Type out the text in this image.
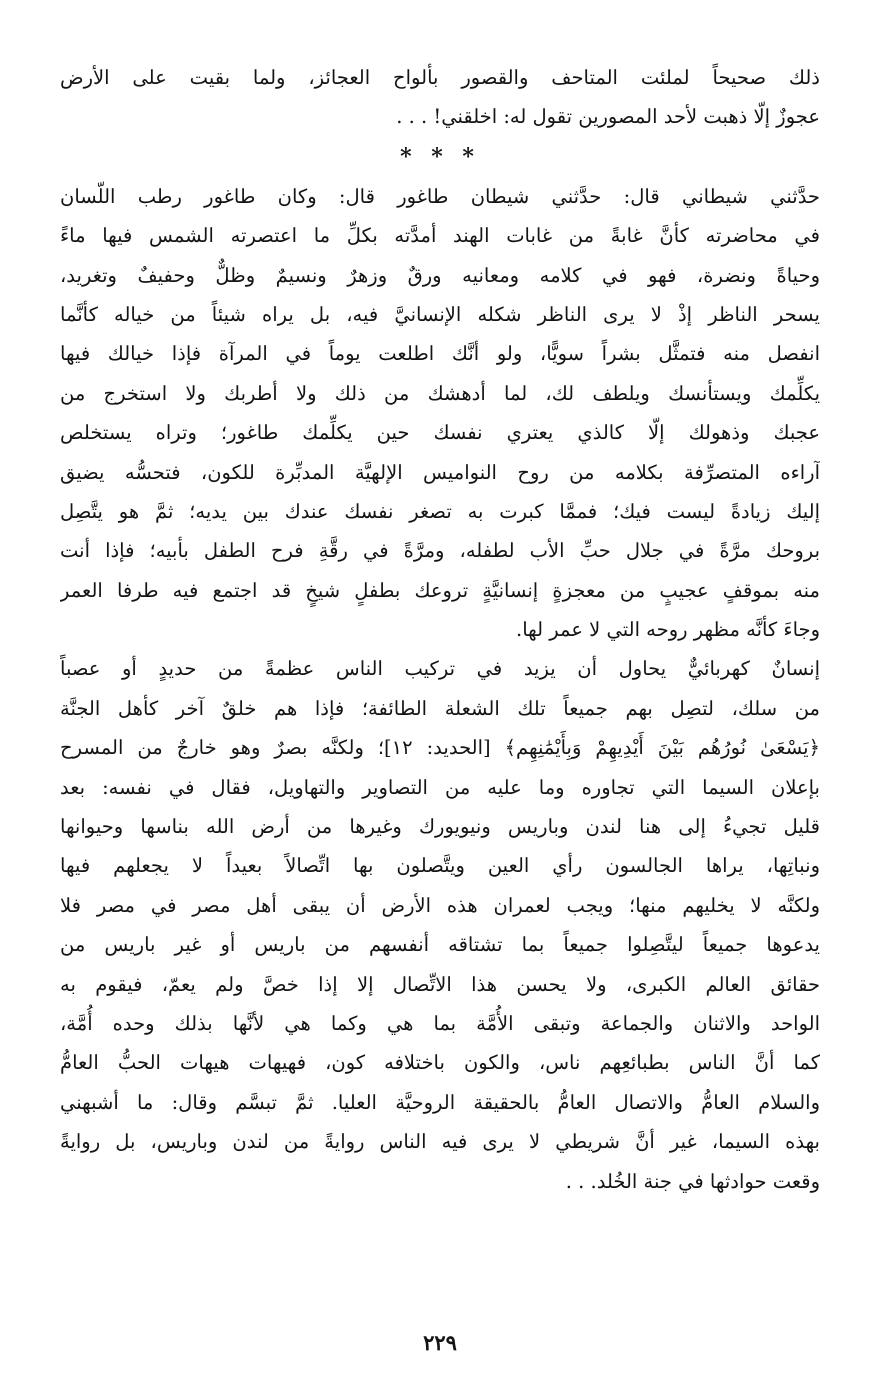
ذلك صحيحاً لملئت المتاحف والقصور بألواح العجائز، ولما بقيت على الأرض
عجوزٌ إلّا ذهبت لأحد المصورين تقول له: اخلقني! . . .
* * *
حدَّثني شيطاني قال: حدَّثني شيطان طاغور قال: وكان طاغور رطب اللّسان
في محاضرته كأنَّ غابةً من غابات الهند أمدَّته بكلِّ ما اعتصرته الشمس فيها ماءً
وحياةً ونضرة، فهو في كلامه ومعانيه ورقٌ وزهرٌ ونسيمٌ وظلٌّ وحفيفٌ وتغريد،
يسحر الناظر إذْ لا يرى الناظر شكله الإنسانيَّ فيه، بل يراه شيئاً من خياله كأنَّما
انفصل منه فتمثَّل بشراً سويًّا، ولو أنَّك اطلعت يوماً في المرآة فإذا خيالك فيها
يكلِّمك ويستأنسك ويلطف لك، لما أدهشك من ذلك ولا أطربك ولا استخرج من
عجبك وذهولك إلّا كالذي يعتري نفسك حين يكلِّمك طاغور؛ وتراه يستخلص
آراءه المتصرِّفة بكلامه من روح النواميس الإلهيَّة المدبِّرة للكون، فتحسُّه يضيق
إليك زيادةً ليست فيك؛ فممَّا كبرت به تصغر نفسك عندك بين يديه؛ ثمَّ هو يتَّصِل
بروحك مرَّةً في جلال حبِّ الأب لطفله، ومرَّةً في رقَّةِ فرح الطفل بأبيه؛ فإذا أنت
منه بموقفٍ عجيبٍ من معجزةٍ إنسانيَّةٍ تروعك بطفلٍ شيخٍ قد اجتمع فيه طرفا العمر
وجاءَ كأنَّه مظهر روحه التي لا عمر لها.
إنسانٌ كهربائيٌّ يحاول أن يزيد في تركيب الناس عظمةً من حديدٍ أو عصباً
من سلك، لتصِل بهم جميعاً تلك الشعلة الطائفة؛ فإذا هم خلقٌ آخر كأهل الجنَّة
﴿يَسْعَىٰ نُورُهُم بَيْنَ أَيْدِيهِمْ وَبِأَيْمَٰنِهِم﴾ [الحديد: ١٢]؛ ولكنَّه بصرٌ وهو خارجٌ من المسرح
بإعلان السيما التي تجاوره وما عليه من التصاوير والتهاويل، فقال في نفسه: بعد
قليل تجيءُ إلى هنا لندن وباريس ونيويورك وغيرها من أرض الله بناسها وحيوانها
ونباتِها، يراها الجالسون رأي العين ويتَّصلون بها اتِّصالاً بعيداً لا يجعلهم فيها
ولكنَّه لا يخليهم منها؛ ويجب لعمران هذه الأرض أن يبقى أهل مصر في مصر فلا
يدعوها جميعاً ليتَّصِلوا جميعاً بما تشتاقه أنفسهم من باريس أو غير باريس من
حقائق العالم الكبرى، ولا يحسن هذا الاتِّصال إلا إذا خصَّ ولم يعمّ، فيقوم به
الواحد والاثنان والجماعة وتبقى الأُمَّة بما هي وكما هي لأنَّها بذلك وحده أُمَّة،
كما أنَّ الناس بطبائعِهم ناس، والكون باختلافه كون، فهيهات هيهات الحبُّ العامُّ
والسلام العامُّ والاتصال العامُّ بالحقيقة الروحيَّة العليا. ثمَّ تبسَّم وقال: ما أشبهني
بهذه السيما، غير أنَّ شريطي لا يرى فيه الناس روايةً من لندن وباريس، بل روايةً
وقعت حوادثها في جنة الخُلد. . .
٢٢٩
